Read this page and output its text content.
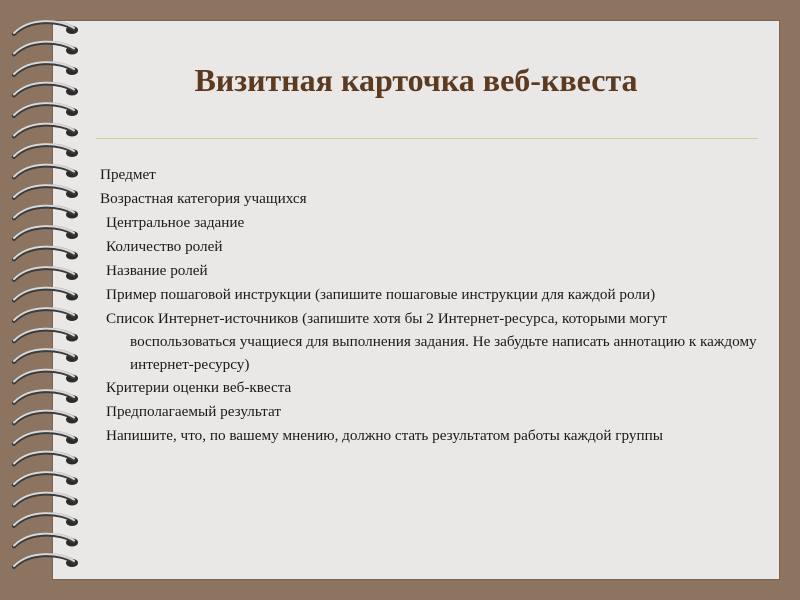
Визитная карточка веб-квеста
Предмет
Возрастная категория учащихся
Центральное задание
Количество ролей
Название ролей
Пример пошаговой инструкции (запишите пошаговые инструкции для каждой роли)
Список Интернет-источников (запишите хотя бы 2 Интернет-ресурса, которыми могут воспользоваться учащиеся для выполнения задания. Не забудьте написать аннотацию к каждому интернет-ресурсу)
Критерии оценки веб-квеста
Предполагаемый результат
Напишите, что, по вашему мнению, должно стать результатом работы каждой группы
